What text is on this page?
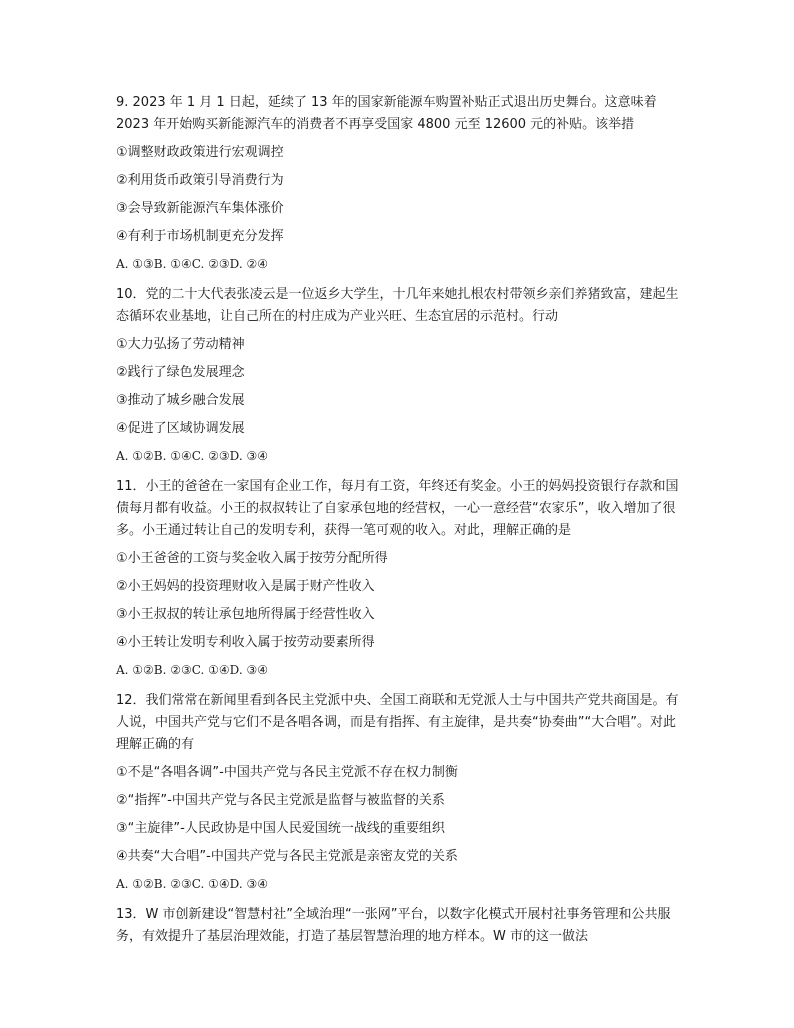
9. 2023 年 1 月 1 日起，延续了 13 年的国家新能源车购置补贴正式退出历史舞台。这意味着 2023 年开始购买新能源汽车的消费者不再享受国家 4800 元至 12600 元的补贴。该举措

①调整财政政策进行宏观调控

②利用货币政策引导消费行为

③会导致新能源汽车集体涨价

④有利于市场机制更充分发挥

A. ①③B. ①④C. ②③D. ②④

10．党的二十大代表张凌云是一位返乡大学生，十几年来她扎根农村带领乡亲们养猪致富，建起生态循环农业基地，让自己所在的村庄成为产业兴旺、生态宜居的示范村。行动

①大力弘扬了劳动精神

②践行了绿色发展理念

③推动了城乡融合发展

④促进了区域协调发展

A. ①②B. ①④C. ②③D. ③④

11．小王的爸爸在一家国有企业工作，每月有工资，年终还有奖金。小王的妈妈投资银行存款和国债每月都有收益。小王的叔叔转让了自家承包地的经营权，一心一意经营“农家乐”，收入增加了很多。小王通过转让自己的发明专利，获得一笔可观的收入。对此，理解正确的是

①小王爸爸的工资与奖金收入属于按劳分配所得

②小王妈妈的投资理财收入是属于财产性收入

③小王叔叔的转让承包地所得属于经营性收入

④小王转让发明专利收入属于按劳动要素所得

A. ①②B. ②③C. ①④D. ③④

12．我们常常在新闻里看到各民主党派中央、全国工商联和无党派人士与中国共产党共商国是。有人说，中国共产党与它们不是各唱各调，而是有指挥、有主旋律，是共奏“协奏曲”“大合唱”。对此理解正确的有

①不是“各唱各调”-中国共产党与各民主党派不存在权力制衡

②“指挥”-中国共产党与各民主党派是监督与被监督的关系

③“主旋律”-人民政协是中国人民爱国统一战线的重要组织

④共奏“大合唱”-中国共产党与各民主党派是亲密友党的关系

A. ①②B. ②③C. ①④D. ③④

13．W 市创新建设“智慧村社”全域治理“一张网”平台，以数字化模式开展村社事务管理和公共服务，有效提升了基层治理效能，打造了基层智慧治理的地方样本。W 市的这一做法
